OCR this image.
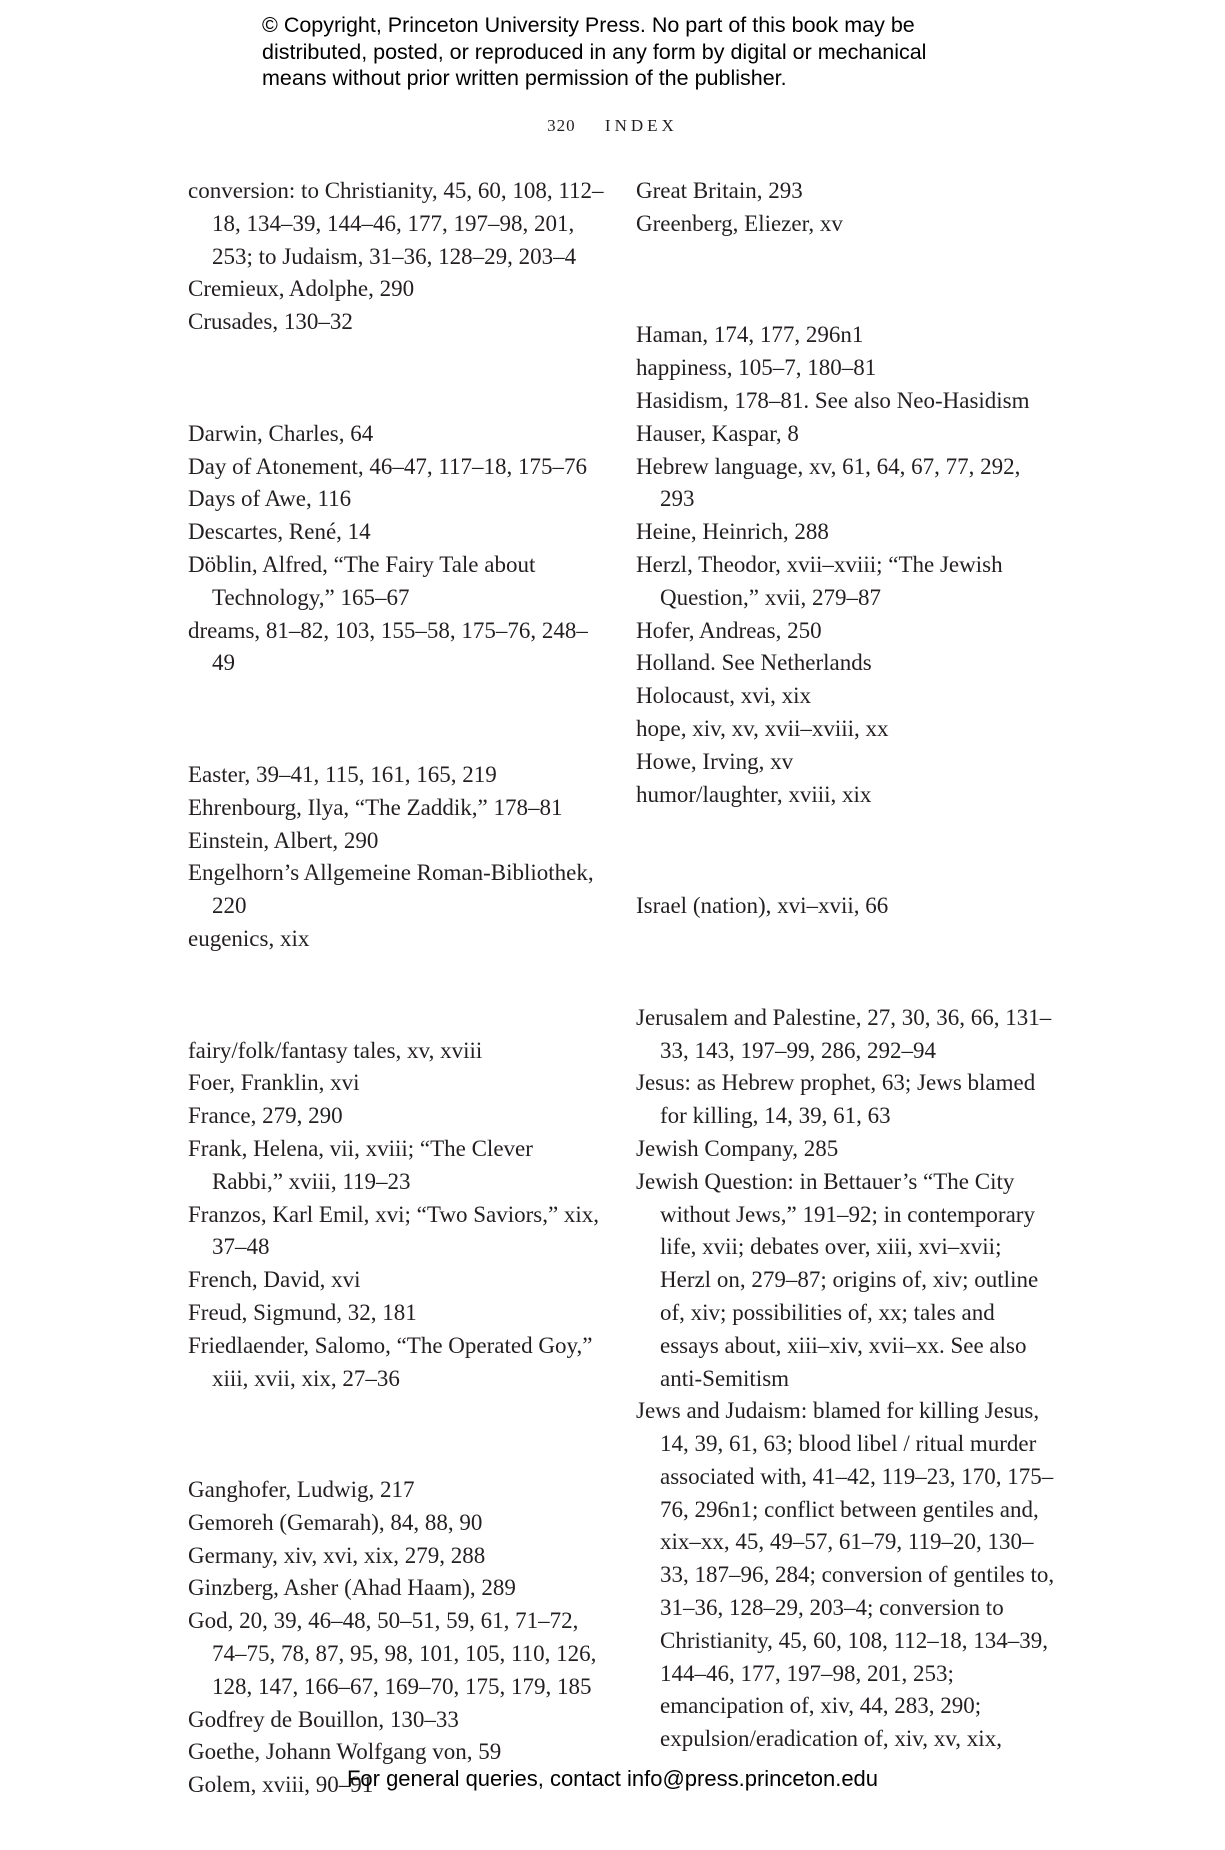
© Copyright, Princeton University Press. No part of this book may be
distributed, posted, or reproduced in any form by digital or mechanical
means without prior written permission of the publisher.
320 INDEX

conversion: to Christianity, 45, 60, 108, 112–18, 134–39, 144–46, 177, 197–98, 201, 253; to Judaism, 31–36, 128–29, 203–4

Cremieux, Adolphe, 290

Crusades, 130–32

Darwin, Charles, 64

Day of Atonement, 46–47, 117–18, 175–76

Days of Awe, 116

Descartes, René, 14

Döblin, Alfred, “The Fairy Tale about Technology,” 165–67

dreams, 81–82, 103, 155–58, 175–76, 248–49

Easter, 39–41, 115, 161, 165, 219

Ehrenbourg, Ilya, “The Zaddik,” 178–81

Einstein, Albert, 290

Engelhorn’s Allgemeine Roman-Bibliothek, 220

eugenics, xix

fairy/folk/fantasy tales, xv, xviii

Foer, Franklin, xvi

France, 279, 290

Frank, Helena, vii, xviii; “The Clever Rabbi,” xviii, 119–23

Franzos, Karl Emil, xvi; “Two Saviors,” xix, 37–48

French, David, xvi

Freud, Sigmund, 32, 181

Friedlaender, Salomo, “The Operated Goy,” xiii, xvii, xix, 27–36

Ganghofer, Ludwig, 217

Gemoreh (Gemarah), 84, 88, 90

Germany, xiv, xvi, xix, 279, 288

Ginzberg, Asher (Ahad Haam), 289

God, 20, 39, 46–48, 50–51, 59, 61, 71–72, 74–75, 78, 87, 95, 98, 101, 105, 110, 126, 128, 147, 166–67, 169–70, 175, 179, 185

Godfrey de Bouillon, 130–33

Goethe, Johann Wolfgang von, 59

Golem, xviii, 90–91

Great Britain, 293

Greenberg, Eliezer, xv

Haman, 174, 177, 296n1

happiness, 105–7, 180–81

Hasidism, 178–81. See also Neo-Hasidism

Hauser, Kaspar, 8

Hebrew language, xv, 61, 64, 67, 77, 292, 293

Heine, Heinrich, 288

Herzl, Theodor, xvii–xviii; “The Jewish Question,” xvii, 279–87

Hofer, Andreas, 250

Holland. See Netherlands

Holocaust, xvi, xix

hope, xiv, xv, xvii–xviii, xx

Howe, Irving, xv

humor/laughter, xviii, xix

Israel (nation), xvi–xvii, 66

Jerusalem and Palestine, 27, 30, 36, 66, 131–33, 143, 197–99, 286, 292–94

Jesus: as Hebrew prophet, 63; Jews blamed for killing, 14, 39, 61, 63

Jewish Company, 285

Jewish Question: in Bettauer’s “The City without Jews,” 191–92; in contemporary life, xvii; debates over, xiii, xvi–xvii; Herzl on, 279–87; origins of, xiv; outline of, xiv; possibilities of, xx; tales and essays about, xiii–xiv, xvii–xx. See also anti-Semitism

Jews and Judaism: blamed for killing Jesus, 14, 39, 61, 63; blood libel / ritual murder associated with, 41–42, 119–23, 170, 175–76, 296n1; conflict between gentiles and, xix–xx, 45, 49–57, 61–79, 119–20, 130–33, 187–96, 284; conversion of gentiles to, 31–36, 128–29, 203–4; conversion to Christianity, 45, 60, 108, 112–18, 134–39, 144–46, 177, 197–98, 201, 253; emancipation of, xiv, 44, 283, 290; expulsion/eradication of, xiv, xv, xix,

For general queries, contact info@press.princeton.edu
